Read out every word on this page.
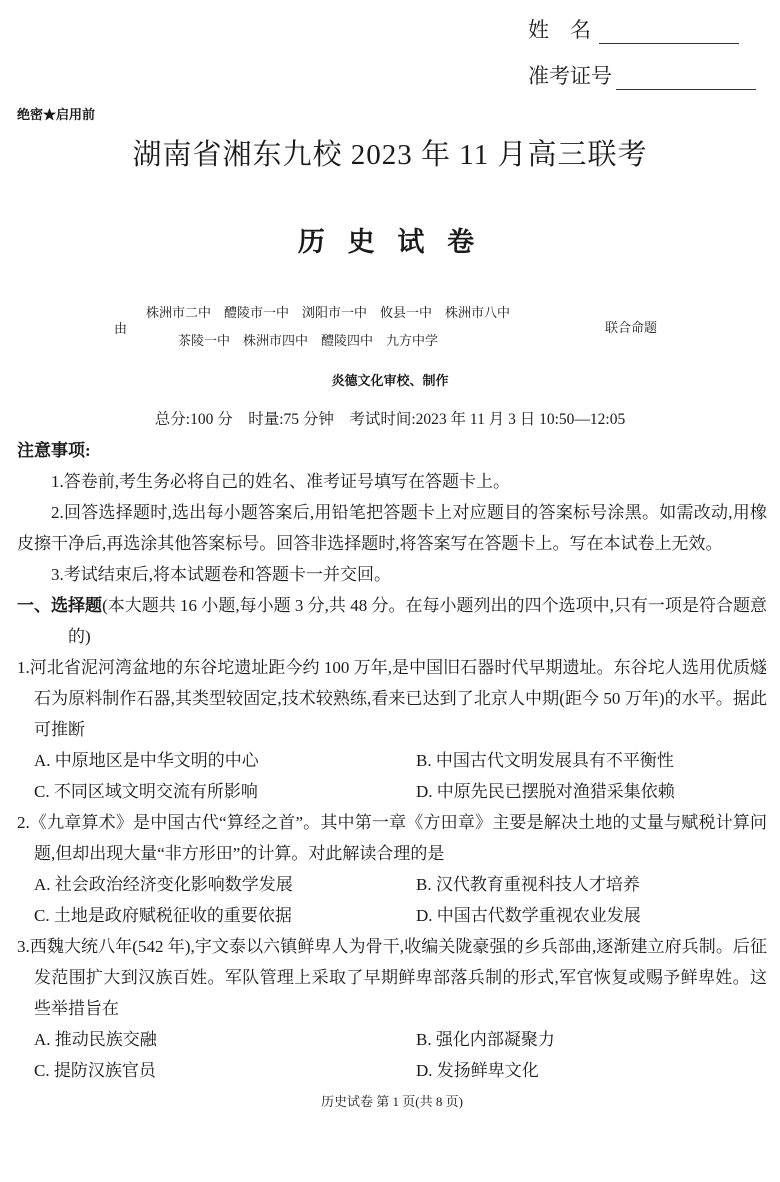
姓　名
准考证号
绝密★启用前
湖南省湘东九校 2023 年 11 月高三联考
历 史 试 卷
由
株洲市二中　醴陵市一中　浏阳市一中　攸县一中　株洲市八中
茶陵一中　株洲市四中　醴陵四中　九方中学
联合命题
炎德文化审校、制作
总分:100 分　时量:75 分钟　考试时间:2023 年 11 月 3 日 10:50—12:05

注意事项:

1.答卷前,考生务必将自己的姓名、准考证号填写在答题卡上。

2.回答选择题时,选出每小题答案后,用铅笔把答题卡上对应题目的答案标号涂黑。如需改动,用橡皮擦干净后,再选涂其他答案标号。回答非选择题时,将答案写在答题卡上。写在本试卷上无效。

3.考试结束后,将本试题卷和答题卡一并交回。

一、选择题(本大题共 16 小题,每小题 3 分,共 48 分。在每小题列出的四个选项中,只有一项是符合题意的)

1.河北省泥河湾盆地的东谷坨遗址距今约 100 万年,是中国旧石器时代早期遗址。东谷坨人选用优质燧石为原料制作石器,其类型较固定,技术较熟练,看来已达到了北京人中期(距今 50 万年)的水平。据此可推断

A. 中原地区是中华文明的中心	B. 中国古代文明发展具有不平衡性
C. 不同区域文明交流有所影响	D. 中原先民已摆脱对渔猎采集依赖

2.《九章算术》是中国古代“算经之首”。其中第一章《方田章》主要是解决土地的丈量与赋税计算问题,但却出现大量“非方形田”的计算。对此解读合理的是

A. 社会政治经济变化影响数学发展	B. 汉代教育重视科技人才培养
C. 土地是政府赋税征收的重要依据	D. 中国古代数学重视农业发展

3.西魏大统八年(542 年),宇文泰以六镇鲜卑人为骨干,收编关陇豪强的乡兵部曲,逐渐建立府兵制。后征发范围扩大到汉族百姓。军队管理上采取了早期鲜卑部落兵制的形式,军官恢复或赐予鲜卑姓。这些举措旨在

A. 推动民族交融	B. 强化内部凝聚力
C. 提防汉族官员	D. 发扬鲜卑文化
历史试卷 第 1 页(共 8 页)
